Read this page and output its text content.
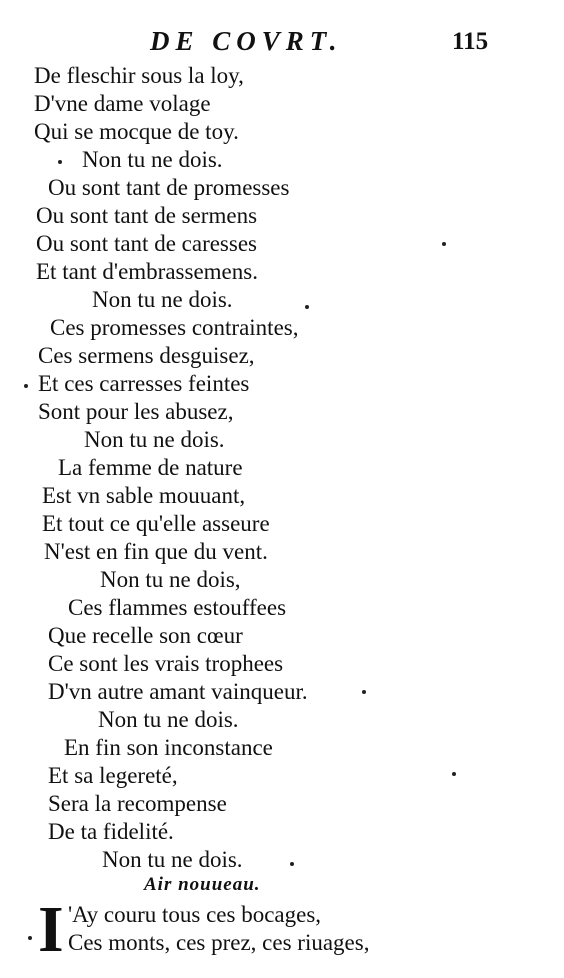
DE COVRT.	115
De fleschir sous la loy,
D'vne dame volage
Qui se mocque de toy.
Non tu ne dois.
Ou sont tant de promesses
Ou sont tant de sermens
Ou sont tant de caresses
Et tant d'embrassemens.
Non tu ne dois.
Ces promesses contraintes,
Ces sermens desguisez,
Et ces carresses feintes
Sont pour les abusez,
Non tu ne dois.
La femme de nature
Est vn sable mouuant,
Et tout ce qu'elle asseure
N'est en fin que du vent.
Non tu ne dois,
Ces flammes estouffees
Que recelle son cœur
Ce sont les vrais trophees
D'vn autre amant vainqueur.
Non tu ne dois.
En fin son inconstance
Et sa legereté,
Sera la recompense
De ta fidelité.
Non tu ne dois.
Air nouueau.
I 'Ay couru tous ces bocages,
Ces monts, ces prez, ces riuages,
